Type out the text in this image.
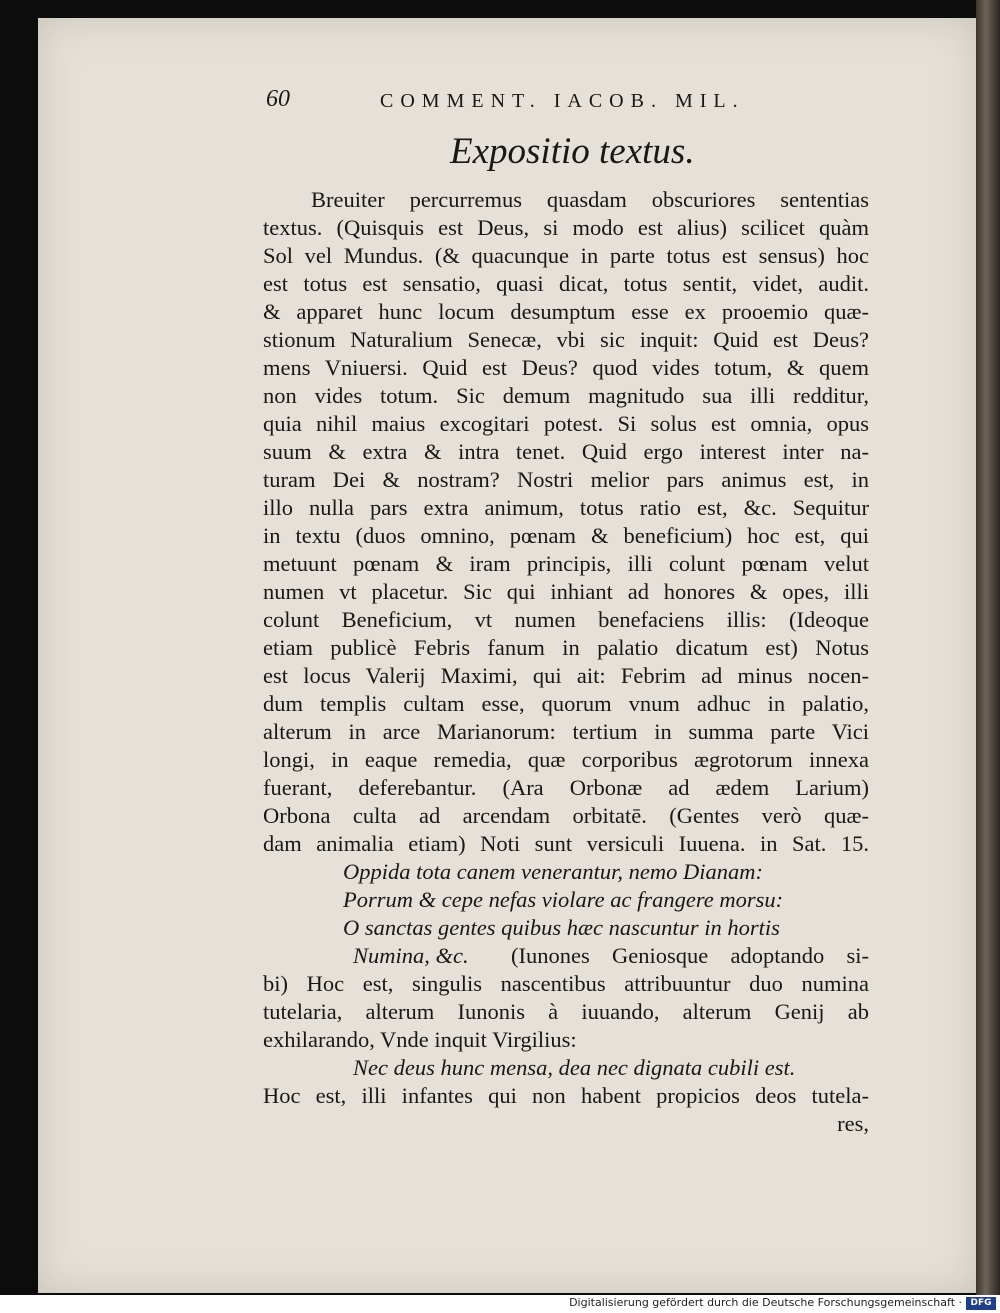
60	COMMENT. IACOB. MIL.
Expositio textus.
Breuiter percurremus quasdam obscuriores sententias
textus. (Quisquis est Deus, si modo est alius) scilicet quàm
Sol vel Mundus. (& quacunque in parte totus est sensus) hoc
est totus est sensatio, quasi dicat, totus sentit, videt, audit.
& apparet hunc locum desumptum esse ex prooemio quæ-
stionum Naturalium Senecæ, vbi sic inquit: Quid est Deus?
mens Vniuersi. Quid est Deus? quod vides totum, & quem
non vides totum. Sic demum magnitudo sua illi redditur,
quia nihil maius excogitari potest. Si solus est omnia, opus
suum & extra & intra tenet. Quid ergo interest inter na-
turam Dei & nostram? Nostri melior pars animus est, in
illo nulla pars extra animum, totus ratio est, &c. Sequitur
in textu (duos omnino, pœnam & beneficium) hoc est, qui
metuunt pœnam & iram principis, illi colunt pœnam velut
numen vt placetur. Sic qui inhiant ad honores & opes, illi
colunt Beneficium, vt numen benefaciens illis: (Ideoque
etiam publicè Febris fanum in palatio dicatum est) Notus
est locus Valerij Maximi, qui ait: Febrim ad minus nocen-
dum templis cultam esse, quorum vnum adhuc in palatio,
alterum in arce Marianorum: tertium in summa parte Vici
longi, in eaque remedia, quæ corporibus ægrotorum innexa
fuerant, deferebantur. (Ara Orbonæ ad ædem Larium)
Orbona culta ad arcendam orbitatē. (Gentes verò quæ-
dam animalia etiam) Noti sunt versiculi Iuuena. in Sat. 15.
Oppida tota canem venerantur, nemo Dianam:
Porrum & cepe nefas violare ac frangere morsu:
O sanctas gentes quibus hæc nascuntur in hortis
Numina, &c. (Iunones Geniosque adoptando si-
bi) Hoc est, singulis nascentibus attribuuntur duo numina
tutelaria, alterum Iunonis à iuuando, alterum Genij ab
exhilarando, Vnde inquit Virgilius:
Nec deus hunc mensa, dea nec dignata cubili est.
Hoc est, illi infantes qui non habent propicios deos tutela-
res,
Digitalisierung gefördert durch die Deutsche Forschungsgemeinschaft · DFG
